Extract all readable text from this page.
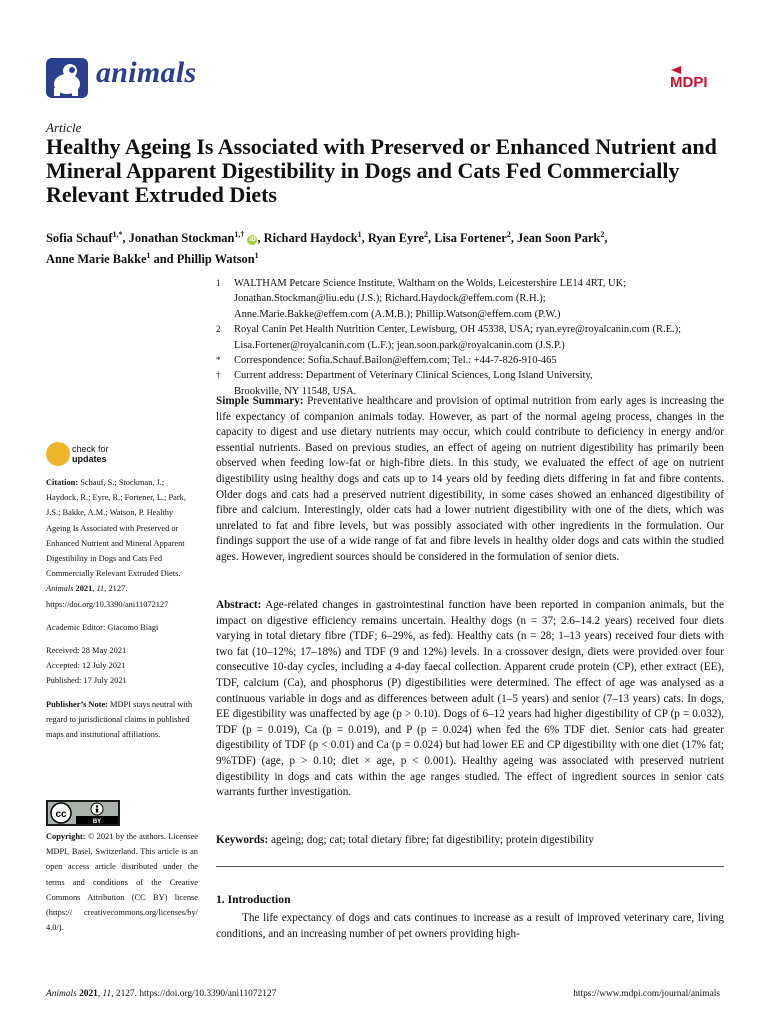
animals	MDPI
Article
Healthy Ageing Is Associated with Preserved or Enhanced Nutrient and Mineral Apparent Digestibility in Dogs and Cats Fed Commercially Relevant Extruded Diets
Sofia Schauf$^{1,*}$, Jonathan Stockman$^{1,\dagger}$ iD, Richard Haydock$^1$, Ryan Eyre$^2$, Lisa Fortener$^2$, Jean Soon Park$^2$,
Anne Marie Bakke$^1$ and Phillip Watson$^1$
1	WALTHAM Petcare Science Institute, Waltham on the Wolds, Leicestershire LE14 4RT, UK;
Jonathan.Stockman@liu.edu (J.S.); Richard.Haydock@effem.com (R.H.);
Anne.Marie.Bakke@effem.com (A.M.B.); Phillip.Watson@effem.com (P.W.)
2	Royal Canin Pet Health Nutrition Center, Lewisburg, OH 45338, USA; ryan.eyre@royalcanin.com (R.E.);
Lisa.Fortener@royalcanin.com (L.F.); jean.soon.park@royalcanin.com (J.S.P.)
*	Correspondence: Sofia.Schauf.Bailon@effem.com; Tel.: +44-7-826-910-465
†	Current address: Department of Veterinary Clinical Sciences, Long Island University,
Brookville, NY 11548, USA.
check for
updates
Citation: Schauf, S.; Stockman, J.; Haydock, R.; Eyre, R.; Fortener, L.; Park, J.S.; Bakke, A.M.; Watson, P. Healthy Ageing Is Associated with Preserved or Enhanced Nutrient and Mineral Apparent Digestibility in Dogs and Cats Fed Commercially Relevant Extruded Diets. Animals 2021, 11, 2127. https://doi.org/10.3390/ani11072127
Academic Editor: Giacomo Biagi
Received: 28 May 2021
Accepted: 12 July 2021
Published: 17 July 2021
Publisher’s Note: MDPI stays neutral with regard to jurisdictional claims in published maps and institutional affiliations.
cc
BY
Copyright: © 2021 by the authors. Licensee MDPI, Basel, Switzerland. This article is an open access article distributed under the terms and conditions of the Creative Commons Attribution (CC BY) license (https:// creativecommons.org/licenses/by/ 4.0/).
Simple Summary: Preventative healthcare and provision of optimal nutrition from early ages is increasing the life expectancy of companion animals today. However, as part of the normal ageing process, changes in the capacity to digest and use dietary nutrients may occur, which could contribute to deficiency in energy and/or essential nutrients. Based on previous studies, an effect of ageing on nutrient digestibility has primarily been observed when feeding low-fat or high-fibre diets. In this study, we evaluated the effect of age on nutrient digestibility using healthy dogs and cats up to 14 years old by feeding diets differing in fat and fibre contents. Older dogs and cats had a preserved nutrient digestibility, in some cases showed an enhanced digestibility of fibre and calcium. Interestingly, older cats had a lower nutrient digestibility with one of the diets, which was unrelated to fat and fibre levels, but was possibly associated with other ingredients in the formulation. Our findings support the use of a wide range of fat and fibre levels in healthy older dogs and cats within the studied ages. However, ingredient sources should be considered in the formulation of senior diets.
Abstract: Age-related changes in gastrointestinal function have been reported in companion animals, but the impact on digestive efficiency remains uncertain. Healthy dogs (n = 37; 2.6–14.2 years) received four diets varying in total dietary fibre (TDF; 6–29%, as fed). Healthy cats (n = 28; 1–13 years) received four diets with two fat (10–12%; 17–18%) and TDF (9 and 12%) levels. In a crossover design, diets were provided over four consecutive 10-day cycles, including a 4-day faecal collection. Apparent crude protein (CP), ether extract (EE), TDF, calcium (Ca), and phosphorus (P) digestibilities were determined. The effect of age was analysed as a continuous variable in dogs and as differences between adult (1–5 years) and senior (7–13 years) cats. In dogs, EE digestibility was unaffected by age (p > 0.10). Dogs of 6–12 years had higher digestibility of CP (p = 0.032), TDF (p = 0.019), Ca (p = 0.019), and P (p = 0.024) when fed the 6% TDF diet. Senior cats had greater digestibility of TDF (p < 0.01) and Ca (p = 0.024) but had lower EE and CP digestibility with one diet (17% fat; 9%TDF) (age, p > 0.10; diet × age, p < 0.001). Healthy ageing was associated with preserved nutrient digestibility in dogs and cats within the age ranges studied. The effect of ingredient sources in senior cats warrants further investigation.
Keywords: ageing; dog; cat; total dietary fibre; fat digestibility; protein digestibility
1. Introduction
The life expectancy of dogs and cats continues to increase as a result of improved veterinary care, living conditions, and an increasing number of pet owners providing high-
Animals 2021, 11, 2127. https://doi.org/10.3390/ani11072127	https://www.mdpi.com/journal/animals
